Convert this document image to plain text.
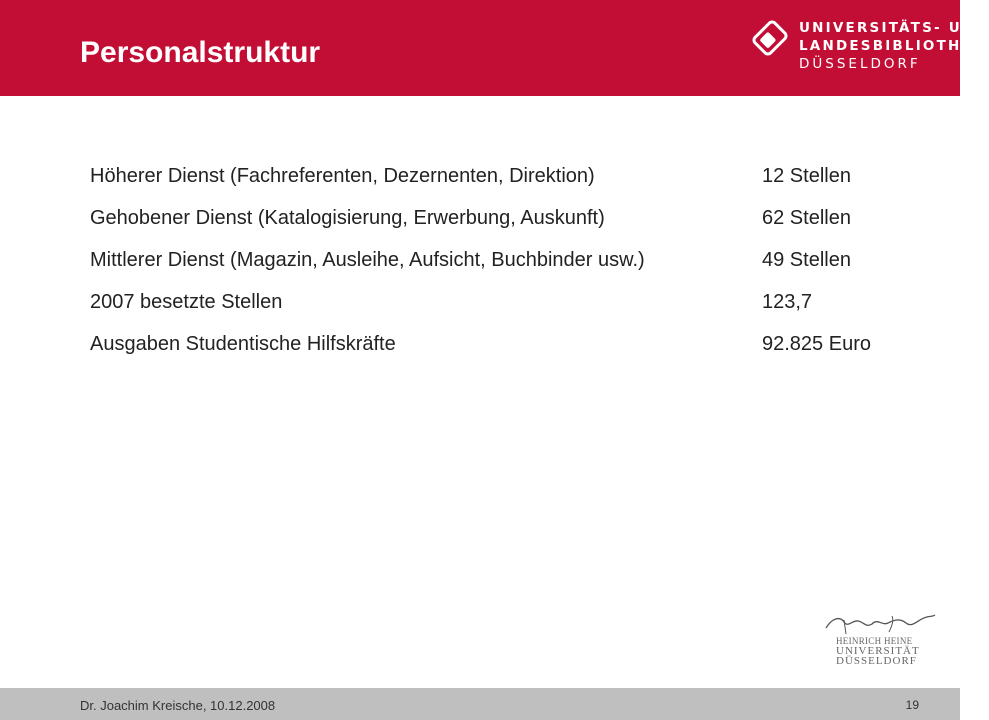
Personalstruktur
UNIVERSITÄTS- UND
LANDESBIBLIOTHEK
DÜSSELDORF
Höherer Dienst (Fachreferenten, Dezernenten, Direktion)	12 Stellen
Gehobener Dienst (Katalogisierung, Erwerbung, Auskunft)	62 Stellen
Mittlerer Dienst (Magazin, Ausleihe, Aufsicht, Buchbinder usw.)	49 Stellen
2007 besetzte Stellen	123,7
Ausgaben Studentische Hilfskräfte	92.825 Euro
HEINRICH HEINE
UNIVERSITÄT
DÜSSELDORF
Dr. Joachim Kreische, 10.12.2008	19
